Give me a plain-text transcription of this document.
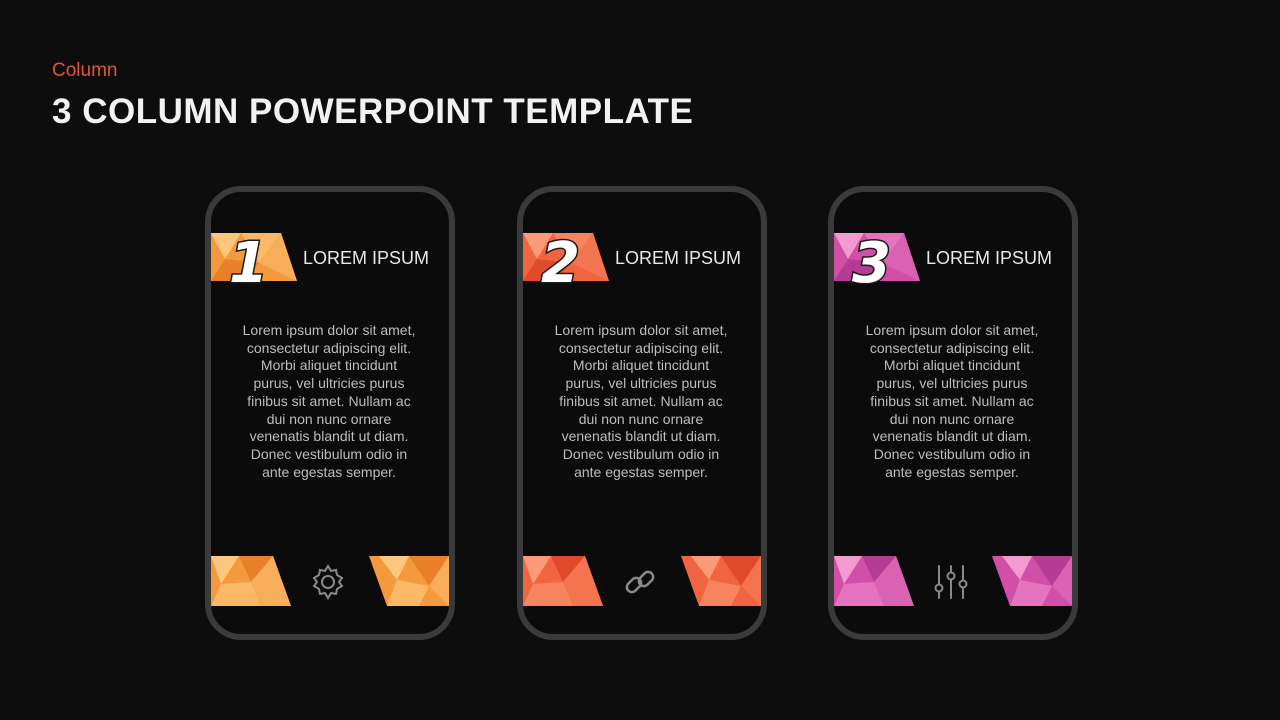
Column
3 COLUMN POWERPOINT TEMPLATE
1 LOREM IPSUM
Lorem ipsum dolor sit amet, consectetur adipiscing elit. Morbi aliquet tincidunt purus, vel ultricies purus finibus sit amet. Nullam ac dui non nunc ornare venenatis blandit ut diam. Donec vestibulum odio in ante egestas semper.
2 LOREM IPSUM
Lorem ipsum dolor sit amet, consectetur adipiscing elit. Morbi aliquet tincidunt purus, vel ultricies purus finibus sit amet. Nullam ac dui non nunc ornare venenatis blandit ut diam. Donec vestibulum odio in ante egestas semper.
3 LOREM IPSUM
Lorem ipsum dolor sit amet, consectetur adipiscing elit. Morbi aliquet tincidunt purus, vel ultricies purus finibus sit amet. Nullam ac dui non nunc ornare venenatis blandit ut diam. Donec vestibulum odio in ante egestas semper.
